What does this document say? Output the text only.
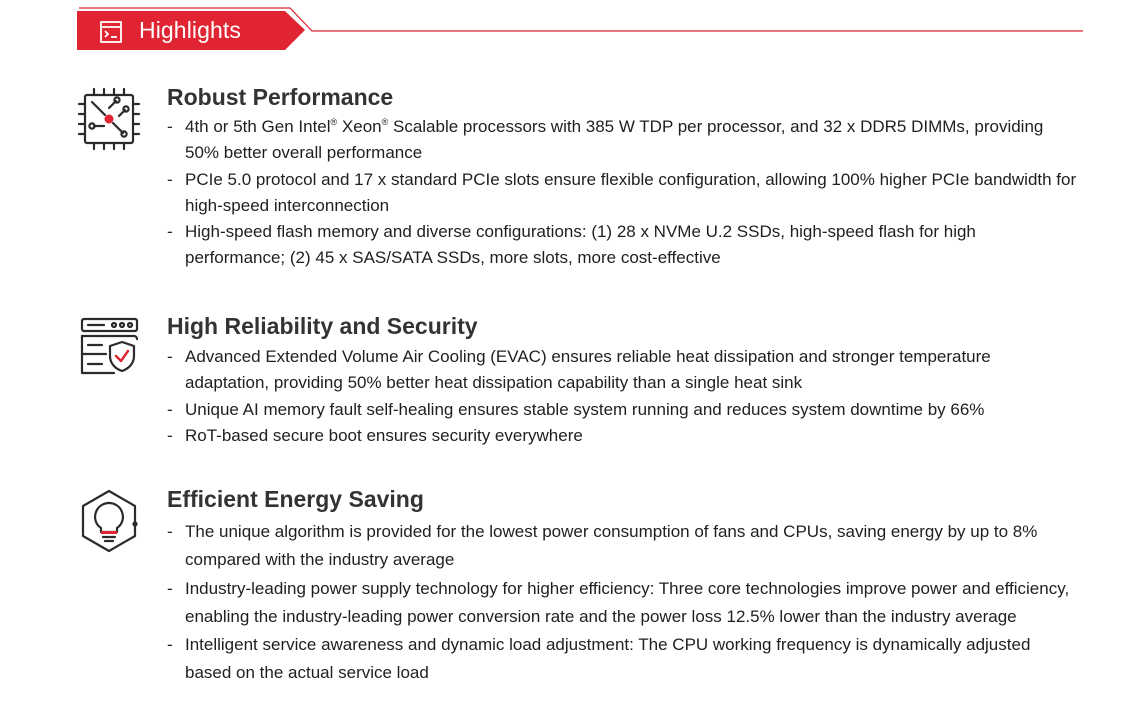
Highlights
Robust Performance
- 4th or 5th Gen Intel® Xeon® Scalable processors with 385 W TDP per processor, and 32 x DDR5 DIMMs, providing 50% better overall performance
- PCIe 5.0 protocol and 17 x standard PCIe slots ensure flexible configuration, allowing 100% higher PCIe bandwidth for high-speed interconnection
- High-speed flash memory and diverse configurations: (1) 28 x NVMe U.2 SSDs, high-speed flash for high performance; (2) 45 x SAS/SATA SSDs, more slots, more cost-effective
High Reliability and Security
- Advanced Extended Volume Air Cooling (EVAC) ensures reliable heat dissipation and stronger temperature adaptation, providing 50% better heat dissipation capability than a single heat sink
- Unique AI memory fault self-healing ensures stable system running and reduces system downtime by 66%
- RoT-based secure boot ensures security everywhere
Efficient Energy Saving
- The unique algorithm is provided for the lowest power consumption of fans and CPUs, saving energy by up to 8% compared with the industry average
- Industry-leading power supply technology for higher efficiency: Three core technologies improve power and efficiency, enabling the industry-leading power conversion rate and the power loss 12.5% lower than the industry average
- Intelligent service awareness and dynamic load adjustment: The CPU working frequency is dynamically adjusted based on the actual service load
